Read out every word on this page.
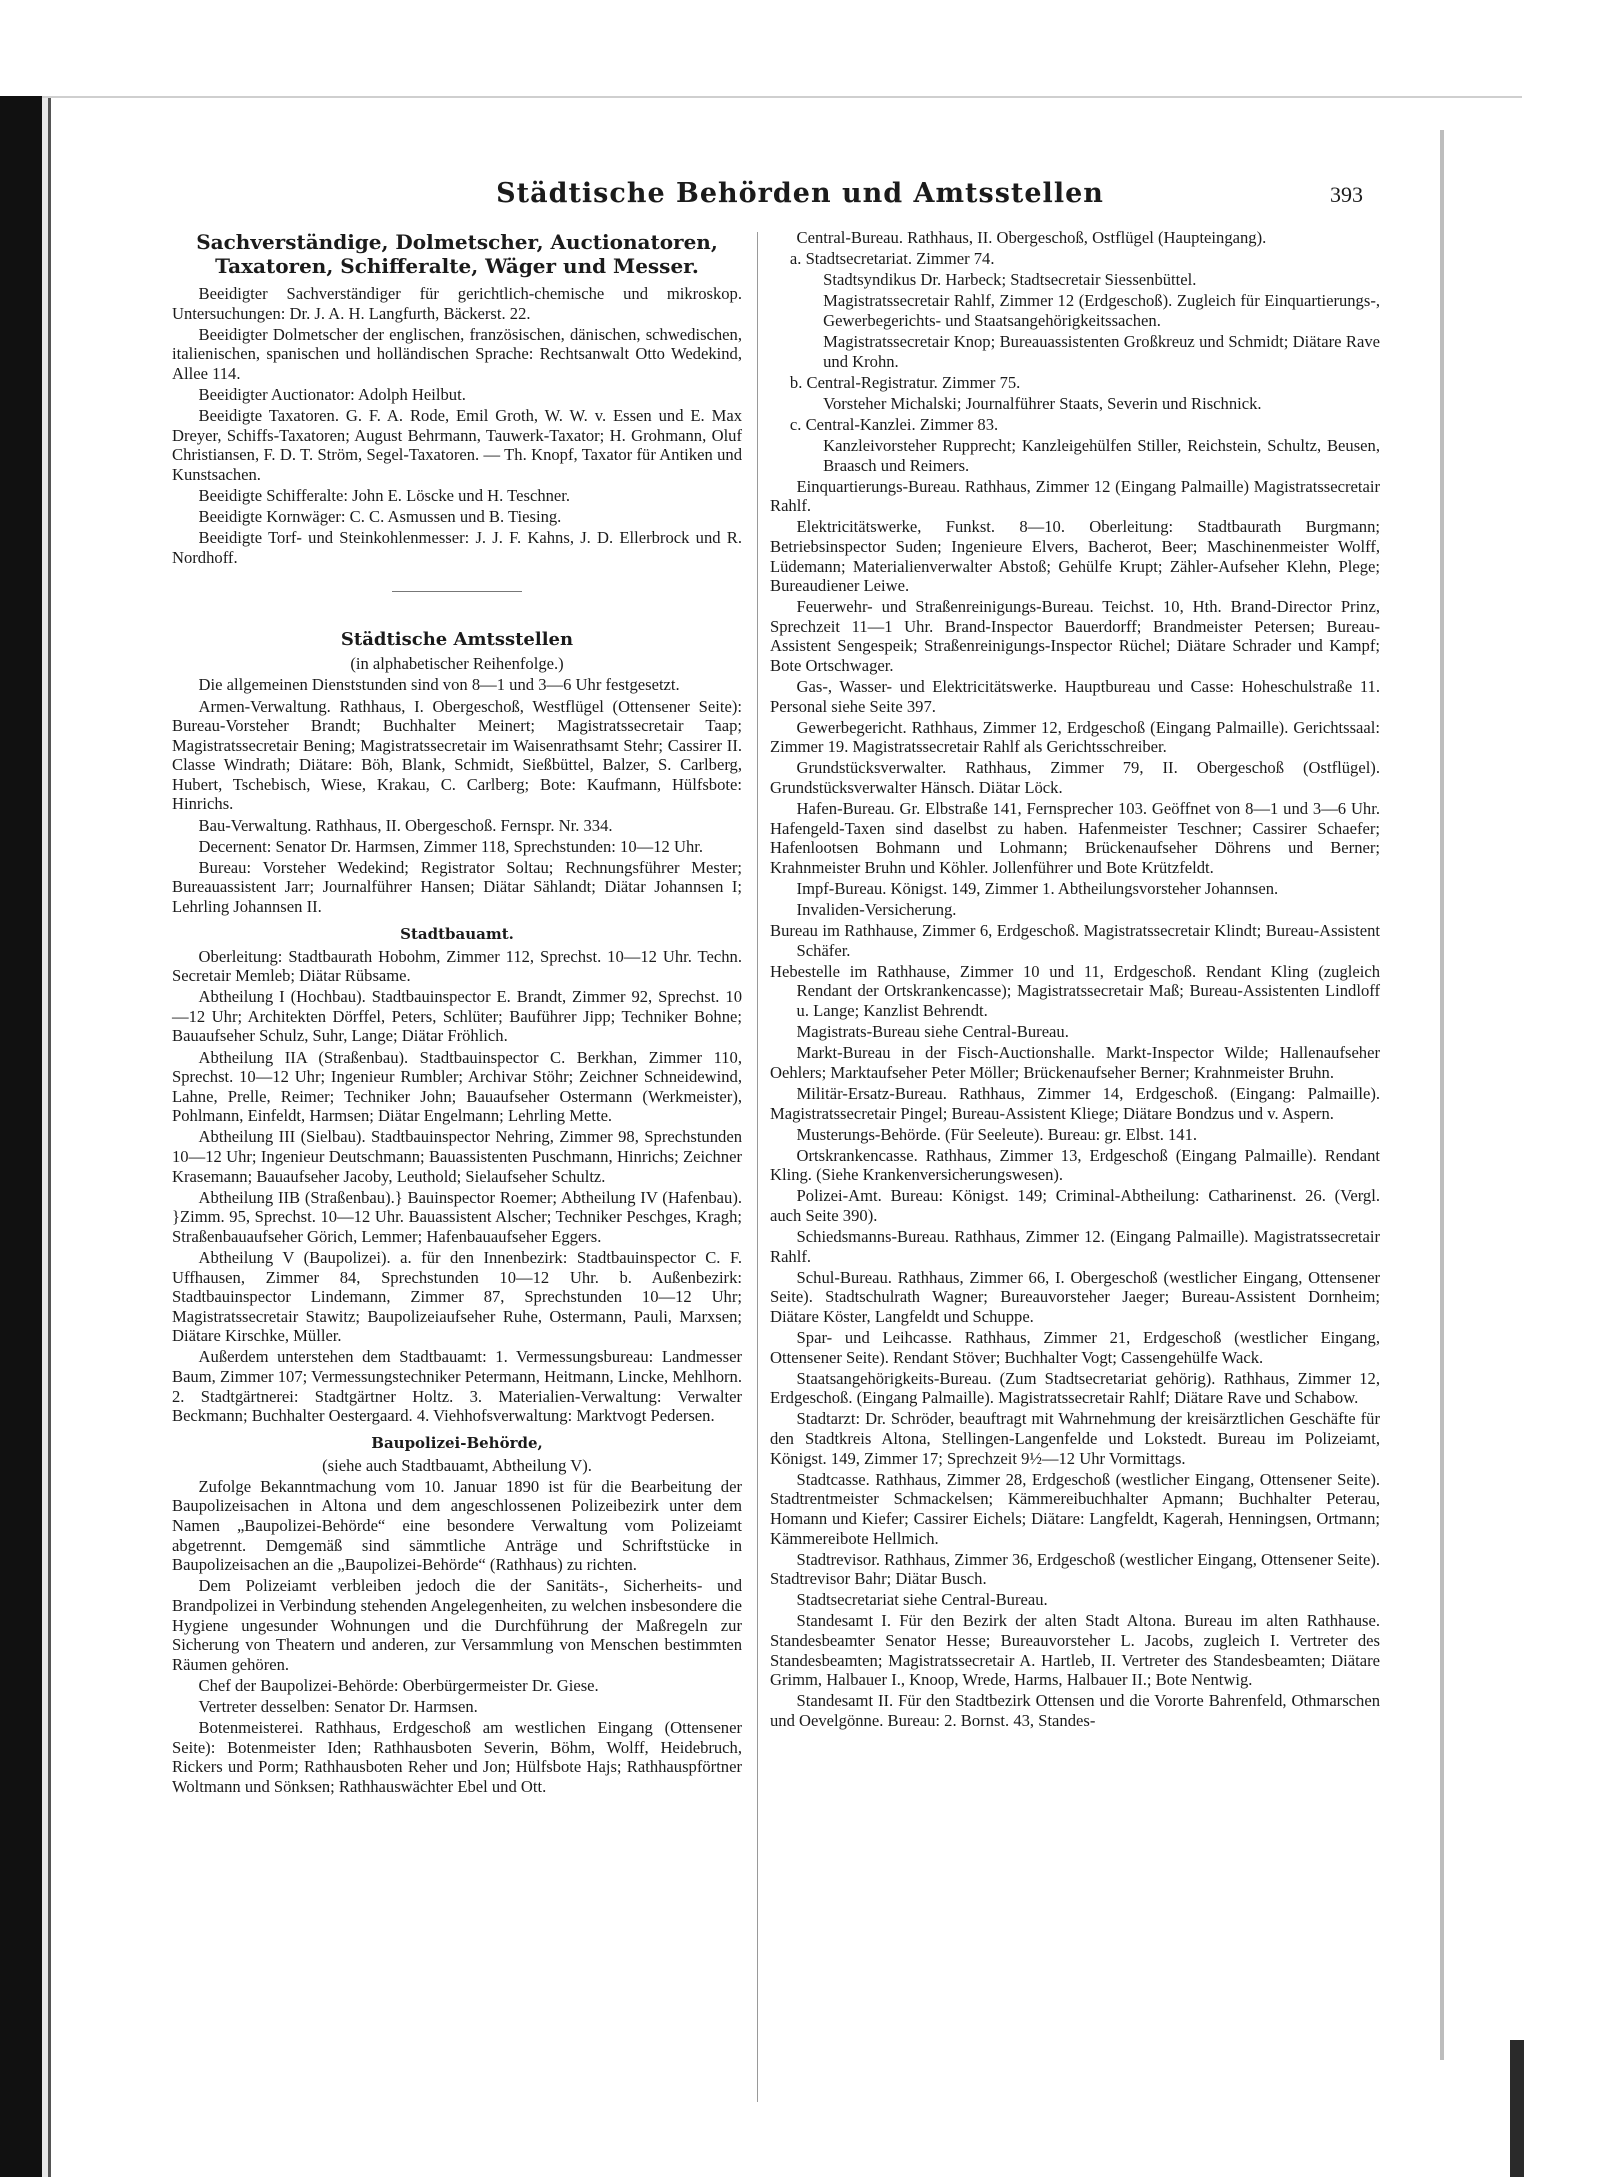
Städtische Behörden und Amtsstellen	393
Sachverständige, Dolmetscher, Auctionatoren, Taxatoren, Schifferalte, Wäger und Messer.

Beeidigter Sachverständiger für gerichtlich-chemische und mikroskop. Untersuchungen: Dr. J. A. H. Langfurth, Bäckerst. 22.

Beeidigter Dolmetscher der englischen, französischen, dänischen, schwedischen, italienischen, spanischen und holländischen Sprache: Rechtsanwalt Otto Wedekind, Allee 114.

Beeidigter Auctionator: Adolph Heilbut.

Beeidigte Taxatoren. G. F. A. Rode, Emil Groth, W. W. v. Essen und E. Max Dreyer, Schiffs-Taxatoren; August Behrmann, Tauwerk-Taxator; H. Grohmann, Oluf Christiansen, F. D. T. Ström, Segel-Taxatoren. — Th. Knopf, Taxator für Antiken und Kunstsachen.

Beeidigte Schifferalte: John E. Löscke und H. Teschner.

Beeidigte Kornwäger: C. C. Asmussen und B. Tiesing.

Beeidigte Torf- und Steinkohlenmesser: J. J. F. Kahns, J. D. Ellerbrock und R. Nordhoff.

Städtische Amtsstellen

(in alphabetischer Reihenfolge.)

Die allgemeinen Dienststunden sind von 8—1 und 3—6 Uhr festgesetzt.

Armen-Verwaltung. Rathhaus, I. Obergeschoß, Westflügel (Ottensener Seite): Bureau-Vorsteher Brandt; Buchhalter Meinert; Magistratssecretair Taap; Magistratssecretair Bening; Magistratssecretair im Waisenrathsamt Stehr; Cassirer II. Classe Windrath; Diätare: Böh, Blank, Schmidt, Sießbüttel, Balzer, S. Carlberg, Hubert, Tschebisch, Wiese, Krakau, C. Carlberg; Bote: Kaufmann, Hülfsbote: Hinrichs.

Bau-Verwaltung. Rathhaus, II. Obergeschoß. Fernspr. Nr. 334.

Decernent: Senator Dr. Harmsen, Zimmer 118, Sprechstunden: 10—12 Uhr.

Bureau: Vorsteher Wedekind; Registrator Soltau; Rechnungsführer Mester; Bureauassistent Jarr; Journalführer Hansen; Diätar Sählandt; Diätar Johannsen I; Lehrling Johannsen II.

Stadtbauamt.

Oberleitung: Stadtbaurath Hobohm, Zimmer 112, Sprechst. 10—12 Uhr. Techn. Secretair Memleb; Diätar Rübsame.

Abtheilung I (Hochbau). Stadtbauinspector E. Brandt, Zimmer 92, Sprechst. 10—12 Uhr; Architekten Dörffel, Peters, Schlüter; Bauführer Jipp; Techniker Bohne; Bauaufseher Schulz, Suhr, Lange; Diätar Fröhlich.

Abtheilung IIA (Straßenbau). Stadtbauinspector C. Berkhan, Zimmer 110, Sprechst. 10—12 Uhr; Ingenieur Rumbler; Archivar Stöhr; Zeichner Schneidewind, Lahne, Prelle, Reimer; Techniker John; Bauaufseher Ostermann (Werkmeister), Pohlmann, Einfeldt, Harmsen; Diätar Engelmann; Lehrling Mette.

Abtheilung III (Sielbau). Stadtbauinspector Nehring, Zimmer 98, Sprechstunden 10—12 Uhr; Ingenieur Deutschmann; Bauassistenten Puschmann, Hinrichs; Zeichner Krasemann; Bauaufseher Jacoby, Leuthold; Sielaufseher Schultz.

Abtheilung IIB (Straßenbau).} Bauinspector Roemer; Abtheilung IV (Hafenbau). }Zimm. 95, Sprechst. 10—12 Uhr. Bauassistent Alscher; Techniker Peschges, Kragh; Straßenbauaufseher Görich, Lemmer; Hafenbauaufseher Eggers.

Abtheilung V (Baupolizei). a. für den Innenbezirk: Stadtbauinspector C. F. Uffhausen, Zimmer 84, Sprechstunden 10—12 Uhr. b. Außenbezirk: Stadtbauinspector Lindemann, Zimmer 87, Sprechstunden 10—12 Uhr; Magistratssecretair Stawitz; Baupolizeiaufseher Ruhe, Ostermann, Pauli, Marxsen; Diätare Kirschke, Müller.

Außerdem unterstehen dem Stadtbauamt: 1. Vermessungsbureau: Landmesser Baum, Zimmer 107; Vermessungstechniker Petermann, Heitmann, Lincke, Mehlhorn. 2. Stadtgärtnerei: Stadtgärtner Holtz. 3. Materialien-Verwaltung: Verwalter Beckmann; Buchhalter Oestergaard. 4. Viehhofsverwaltung: Marktvogt Pedersen.

Baupolizei-Behörde,

(siehe auch Stadtbauamt, Abtheilung V).

Zufolge Bekanntmachung vom 10. Januar 1890 ist für die Bearbeitung der Baupolizeisachen in Altona und dem angeschlossenen Polizeibezirk unter dem Namen „Baupolizei-Behörde“ eine besondere Verwaltung vom Polizeiamt abgetrennt. Demgemäß sind sämmtliche Anträge und Schriftstücke in Baupolizeisachen an die „Baupolizei-Behörde“ (Rathhaus) zu richten.

Dem Polizeiamt verbleiben jedoch die der Sanitäts-, Sicherheits- und Brandpolizei in Verbindung stehenden Angelegenheiten, zu welchen insbesondere die Hygiene ungesunder Wohnungen und die Durchführung der Maßregeln zur Sicherung von Theatern und anderen, zur Versammlung von Menschen bestimmten Räumen gehören.

Chef der Baupolizei-Behörde: Oberbürgermeister Dr. Giese.

Vertreter desselben: Senator Dr. Harmsen.

Botenmeisterei. Rathhaus, Erdgeschoß am westlichen Eingang (Ottensener Seite): Botenmeister Iden; Rathhausboten Severin, Böhm, Wolff, Heidebruch, Rickers und Porm; Rathhausboten Reher und Jon; Hülfsbote Hajs; Rathhauspförtner Woltmann und Sönksen; Rathhauswächter Ebel und Ott.

Central-Bureau. Rathhaus, II. Obergeschoß, Ostflügel (Haupteingang).

a. Stadtsecretariat. Zimmer 74.

Stadtsyndikus Dr. Harbeck; Stadtsecretair Siessenbüttel.

Magistratssecretair Rahlf, Zimmer 12 (Erdgeschoß). Zugleich für Einquartierungs-, Gewerbegerichts- und Staatsangehörigkeitssachen.

Magistratssecretair Knop; Bureauassistenten Großkreuz und Schmidt; Diätare Rave und Krohn.

b. Central-Registratur. Zimmer 75.

Vorsteher Michalski; Journalführer Staats, Severin und Rischnick.

c. Central-Kanzlei. Zimmer 83.

Kanzleivorsteher Rupprecht; Kanzleigehülfen Stiller, Reichstein, Schultz, Beusen, Braasch und Reimers.

Einquartierungs-Bureau. Rathhaus, Zimmer 12 (Eingang Palmaille) Magistratssecretair Rahlf.

Elektricitätswerke, Funkst. 8—10. Oberleitung: Stadtbaurath Burgmann; Betriebsinspector Suden; Ingenieure Elvers, Bacherot, Beer; Maschinenmeister Wolff, Lüdemann; Materialienverwalter Abstoß; Gehülfe Krupt; Zähler-Aufseher Klehn, Plege; Bureaudiener Leiwe.

Feuerwehr- und Straßenreinigungs-Bureau. Teichst. 10, Hth. Brand-Director Prinz, Sprechzeit 11—1 Uhr. Brand-Inspector Bauerdorff; Brandmeister Petersen; Bureau-Assistent Sengespeik; Straßenreinigungs-Inspector Rüchel; Diätare Schrader und Kampf; Bote Ortschwager.

Gas-, Wasser- und Elektricitätswerke. Hauptbureau und Casse: Hoheschulstraße 11. Personal siehe Seite 397.

Gewerbegericht. Rathhaus, Zimmer 12, Erdgeschoß (Eingang Palmaille). Gerichtssaal: Zimmer 19. Magistratssecretair Rahlf als Gerichtsschreiber.

Grundstücksverwalter. Rathhaus, Zimmer 79, II. Obergeschoß (Ostflügel). Grundstücksverwalter Hänsch. Diätar Löck.

Hafen-Bureau. Gr. Elbstraße 141, Fernsprecher 103. Geöffnet von 8—1 und 3—6 Uhr. Hafengeld-Taxen sind daselbst zu haben. Hafenmeister Teschner; Cassirer Schaefer; Hafenlootsen Bohmann und Lohmann; Brückenaufseher Döhrens und Berner; Krahnmeister Bruhn und Köhler. Jollenführer und Bote Krützfeldt.

Impf-Bureau. Königst. 149, Zimmer 1. Abtheilungsvorsteher Johannsen.

Invaliden-Versicherung.

Bureau im Rathhause, Zimmer 6, Erdgeschoß. Magistratssecretair Klindt; Bureau-Assistent Schäfer.

Hebestelle im Rathhause, Zimmer 10 und 11, Erdgeschoß. Rendant Kling (zugleich Rendant der Ortskrankencasse); Magistratssecretair Maß; Bureau-Assistenten Lindloff u. Lange; Kanzlist Behrendt.

Magistrats-Bureau siehe Central-Bureau.

Markt-Bureau in der Fisch-Auctionshalle. Markt-Inspector Wilde; Hallenaufseher Oehlers; Marktaufseher Peter Möller; Brückenaufseher Berner; Krahnmeister Bruhn.

Militär-Ersatz-Bureau. Rathhaus, Zimmer 14, Erdgeschoß. (Eingang: Palmaille). Magistratssecretair Pingel; Bureau-Assistent Kliege; Diätare Bondzus und v. Aspern.

Musterungs-Behörde. (Für Seeleute). Bureau: gr. Elbst. 141.

Ortskrankencasse. Rathhaus, Zimmer 13, Erdgeschoß (Eingang Palmaille). Rendant Kling. (Siehe Krankenversicherungswesen).

Polizei-Amt. Bureau: Königst. 149; Criminal-Abtheilung: Catharinenst. 26. (Vergl. auch Seite 390).

Schiedsmanns-Bureau. Rathhaus, Zimmer 12. (Eingang Palmaille). Magistratssecretair Rahlf.

Schul-Bureau. Rathhaus, Zimmer 66, I. Obergeschoß (westlicher Eingang, Ottensener Seite). Stadtschulrath Wagner; Bureauvorsteher Jaeger; Bureau-Assistent Dornheim; Diätare Köster, Langfeldt und Schuppe.

Spar- und Leihcasse. Rathhaus, Zimmer 21, Erdgeschoß (westlicher Eingang, Ottensener Seite). Rendant Stöver; Buchhalter Vogt; Cassengehülfe Wack.

Staatsangehörigkeits-Bureau. (Zum Stadtsecretariat gehörig). Rathhaus, Zimmer 12, Erdgeschoß. (Eingang Palmaille). Magistratssecretair Rahlf; Diätare Rave und Schabow.

Stadtarzt: Dr. Schröder, beauftragt mit Wahrnehmung der kreisärztlichen Geschäfte für den Stadtkreis Altona, Stellingen-Langenfelde und Lokstedt. Bureau im Polizeiamt, Königst. 149, Zimmer 17; Sprechzeit 9½—12 Uhr Vormittags.

Stadtcasse. Rathhaus, Zimmer 28, Erdgeschoß (westlicher Eingang, Ottensener Seite). Stadtrentmeister Schmackelsen; Kämmereibuchhalter Apmann; Buchhalter Peterau, Homann und Kiefer; Cassirer Eichels; Diätare: Langfeldt, Kagerah, Henningsen, Ortmann; Kämmereibote Hellmich.

Stadtrevisor. Rathhaus, Zimmer 36, Erdgeschoß (westlicher Eingang, Ottensener Seite). Stadtrevisor Bahr; Diätar Busch.

Stadtsecretariat siehe Central-Bureau.

Standesamt I. Für den Bezirk der alten Stadt Altona. Bureau im alten Rathhause. Standesbeamter Senator Hesse; Bureauvorsteher L. Jacobs, zugleich I. Vertreter des Standesbeamten; Magistratssecretair A. Hartleb, II. Vertreter des Standesbeamten; Diätare Grimm, Halbauer I., Knoop, Wrede, Harms, Halbauer II.; Bote Nentwig.

Standesamt II. Für den Stadtbezirk Ottensen und die Vororte Bahrenfeld, Othmarschen und Oevelgönne. Bureau: 2. Bornst. 43, Standes-
